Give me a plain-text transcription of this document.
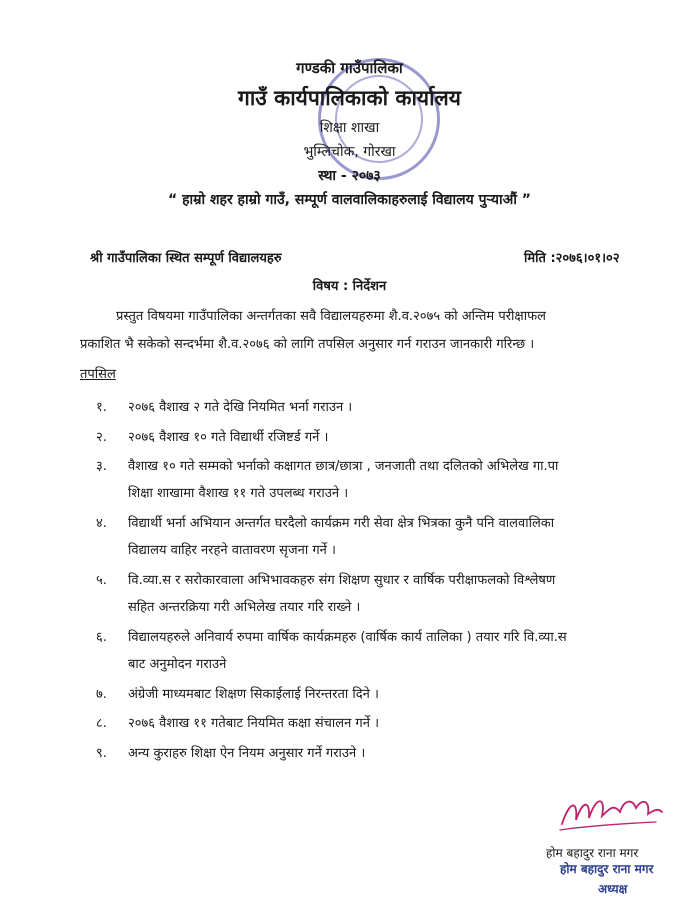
गण्डकी गाउँपालिका
गाउँ कार्यपालिकाको कार्यालय
शिक्षा शाखा
भुम्लिचोक, गोरखा
स्था - २०७३
“ हाम्रो शहर हाम्रो गाउँ, सम्पूर्ण वालवालिकाहरुलाई विद्यालय पुर्‍याऔं ”
श्री गाउँपालिका स्थित सम्पूर्ण विद्यालयहरु	मिति :२०७६।०१।०२
विषय : निर्देशन
प्रस्तुत विषयमा गाउँपालिका अन्तर्गतका सवै विद्यालयहरुमा शै.व.२०७५ को अन्तिम परीक्षाफल
प्रकाशित भै सकेको सन्दर्भमा शै.व.२०७६ को लागि तपसिल अनुसार गर्न गराउन जानकारी गरिन्छ ।
तपसिल
१. २०७६ वैशाख २ गते देखि नियमित भर्ना गराउन ।
२. २०७६ वैशाख १० गते विद्यार्थी रजिष्टर्ड गर्ने ।
३. वैशाख १० गते सम्मको भर्नाको कक्षागत छात्र/छात्रा , जनजाती तथा दलितको अभिलेख गा.पा
शिक्षा शाखामा वैशाख ११ गते उपलब्ध गराउने ।
४. विद्यार्थी भर्ना अभियान अन्तर्गत घरदैलो कार्यक्रम गरी सेवा क्षेत्र भित्रका कुनै पनि वालवालिका
विद्यालय वाहिर नरहने वातावरण सृजना गर्ने ।
५. वि.व्या.स र सरोकारवाला अभिभावकहरु संग शिक्षण सुधार र वार्षिक परीक्षाफलको विश्लेषण
सहित अन्तरक्रिया गरी अभिलेख तयार गरि राख्ने ।
६. विद्यालयहरुले अनिवार्य रुपमा वार्षिक कार्यक्रमहरु (वार्षिक कार्य तालिका ) तयार गरि वि.व्या.स
बाट अनुमोदन गराउने
७. अंग्रेजी माध्यमबाट शिक्षण सिकाईलाई निरन्तरता दिने ।
८. २०७६ वैशाख ११ गतेबाट नियमित कक्षा संचालन गर्ने ।
९. अन्य कुराहरु शिक्षा ऐन नियम अनुसार गर्ने गराउने ।
होम बहादुर राना मगर
होम बहादुर राना मगर
अध्यक्ष
